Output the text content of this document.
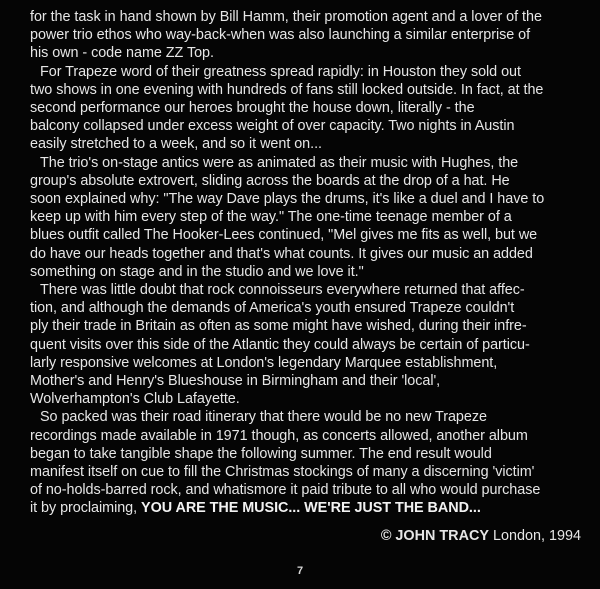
for the task in hand shown by Bill Hamm, their promotion agent and a lover of the
power trio ethos who way-back-when was also launching a similar enterprise of
his own - code name ZZ Top.
For Trapeze word of their greatness spread rapidly: in Houston they sold out
two shows in one evening with hundreds of fans still locked outside. In fact, at the
second performance our heroes brought the house down, literally - the
balcony collapsed under excess weight of over capacity. Two nights in Austin
easily stretched to a week, and so it went on...
The trio's on-stage antics were as animated as their music with Hughes, the
group's absolute extrovert, sliding across the boards at the drop of a hat. He
soon explained why: "The way Dave plays the drums, it's like a duel and I have to
keep up with him every step of the way." The one-time teenage member of a
blues outfit called The Hooker-Lees continued, "Mel gives me fits as well, but we
do have our heads together and that's what counts. It gives our music an added
something on stage and in the studio and we love it."
There was little doubt that rock connoisseurs everywhere returned that affec-
tion, and although the demands of America's youth ensured Trapeze couldn't
ply their trade in Britain as often as some might have wished, during their infre-
quent visits over this side of the Atlantic they could always be certain of particu-
larly responsive welcomes at London's legendary Marquee establishment,
Mother's and Henry's Blueshouse in Birmingham and their 'local',
Wolverhampton's Club Lafayette.
So packed was their road itinerary that there would be no new Trapeze
recordings made available in 1971 though, as concerts allowed, another album
began to take tangible shape the following summer. The end result would
manifest itself on cue to fill the Christmas stockings of many a discerning 'victim'
of no-holds-barred rock, and whatismore it paid tribute to all who would purchase
it by proclaiming, YOU ARE THE MUSIC... WE'RE JUST THE BAND...
© JOHN TRACY London, 1994
7
